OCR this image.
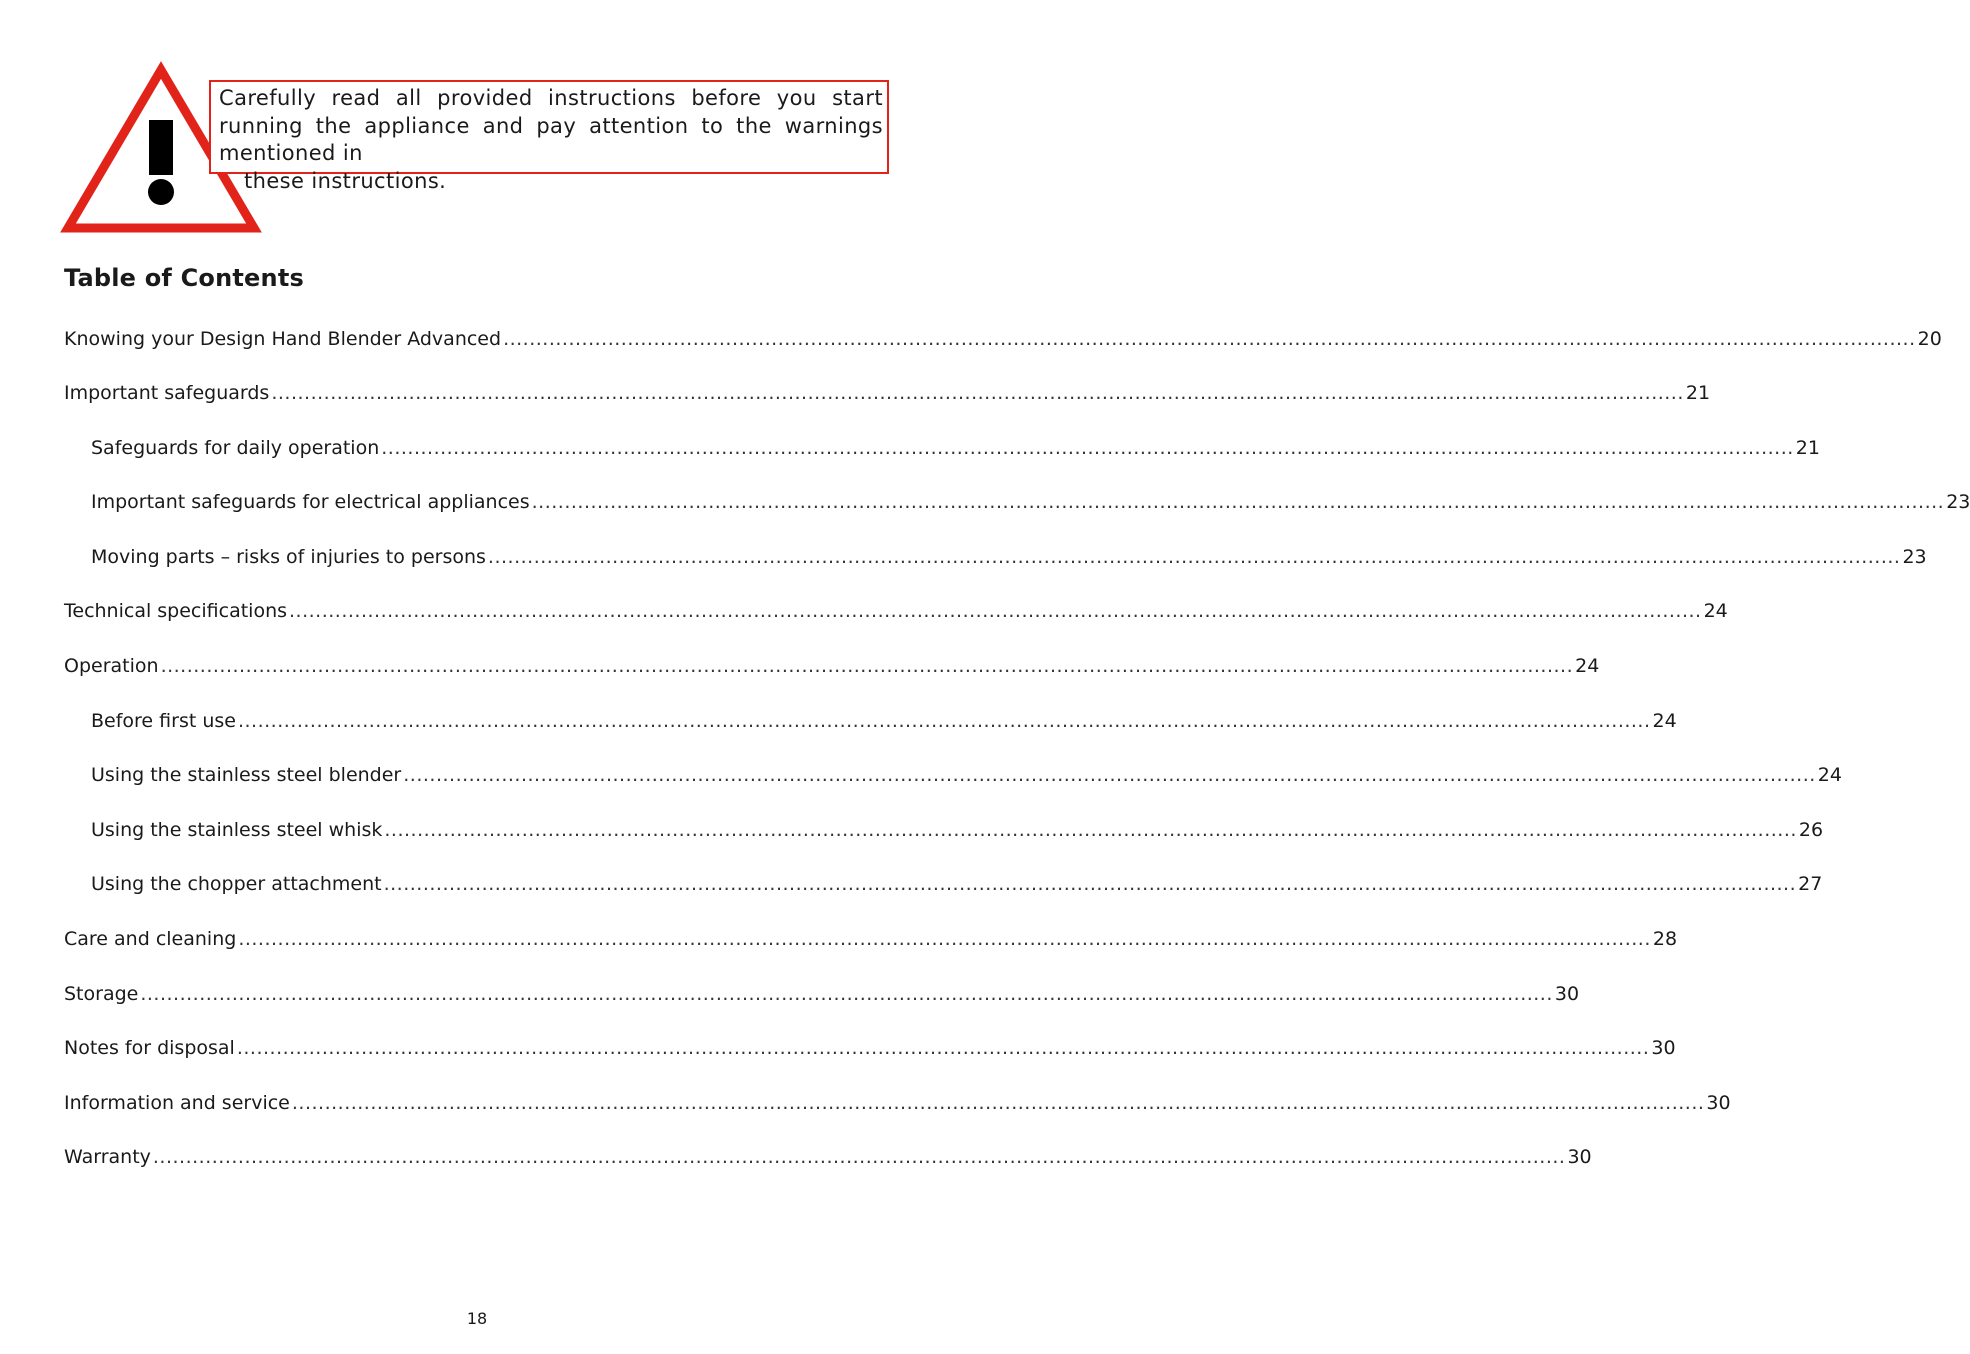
Carefully read all provided instructions before you start running the appliance and pay attention to the warnings mentioned in
these instructions.

Table of Contents
Knowing your Design Hand Blender Advanced ........................................................................................................................................................................................................................ 20
Important safeguards ........................................................................................................................................................................................................................ 21
Safeguards for daily operation ........................................................................................................................................................................................................................ 21
Important safeguards for electrical appliances ........................................................................................................................................................................................................................ 23
Moving parts – risks of injuries to persons ........................................................................................................................................................................................................................ 23
Technical specifications ........................................................................................................................................................................................................................ 24
Operation ........................................................................................................................................................................................................................ 24
Before first use ........................................................................................................................................................................................................................ 24
Using the stainless steel blender ........................................................................................................................................................................................................................ 24
Using the stainless steel whisk ........................................................................................................................................................................................................................ 26
Using the chopper attachment ........................................................................................................................................................................................................................ 27
Care and cleaning ........................................................................................................................................................................................................................ 28
Storage ........................................................................................................................................................................................................................ 30
Notes for disposal ........................................................................................................................................................................................................................ 30
Information and service ........................................................................................................................................................................................................................ 30
Warranty ........................................................................................................................................................................................................................ 30
18
